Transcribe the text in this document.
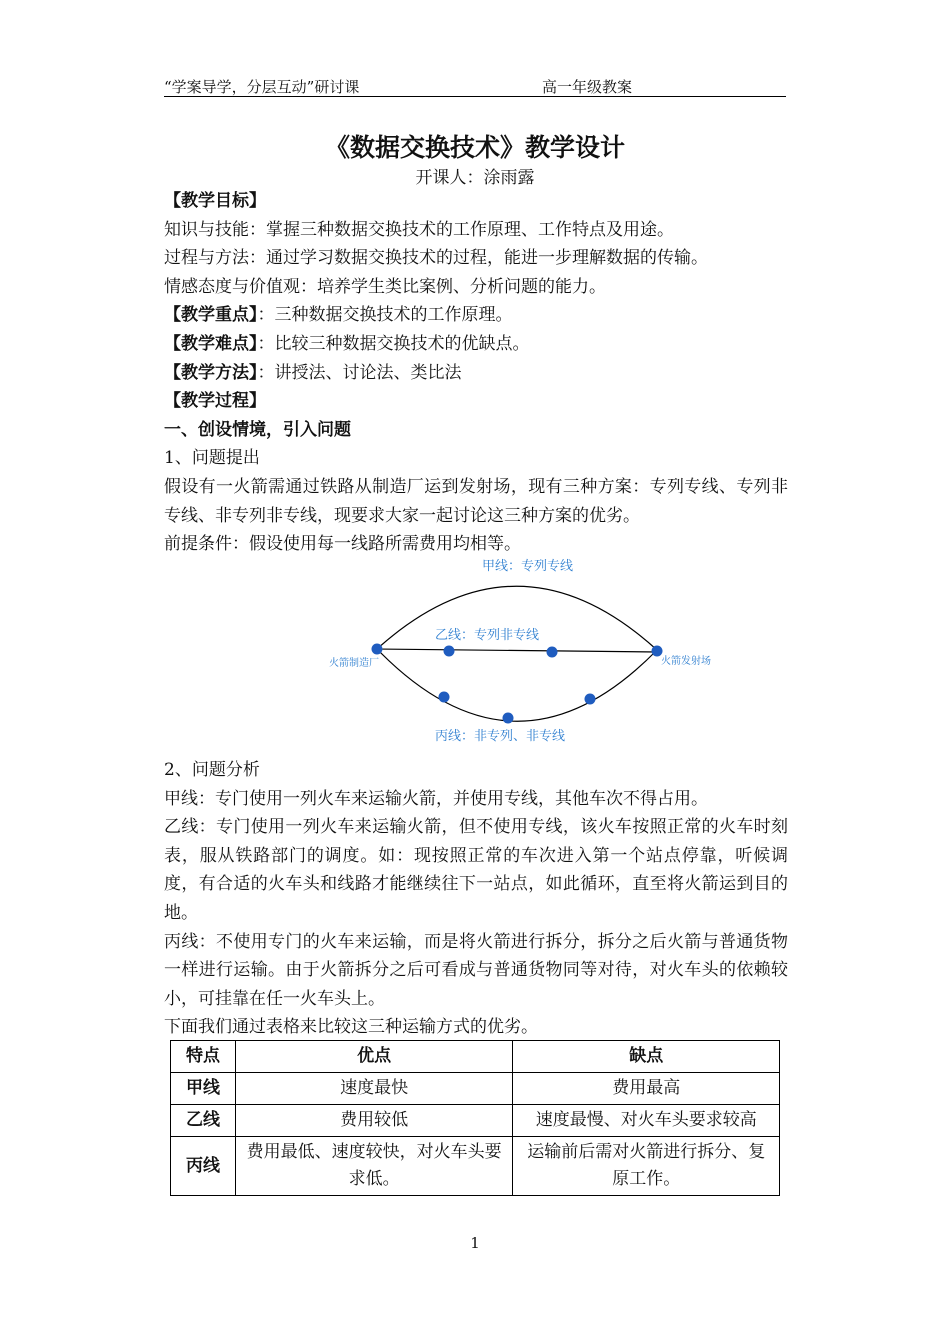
“学案导学，分层互动”研讨课	高一年级教案
《数据交换技术》教学设计
开课人：涂雨露

【教学目标】

知识与技能：掌握三种数据交换技术的工作原理、工作特点及用途。

过程与方法：通过学习数据交换技术的过程，能进一步理解数据的传输。

情感态度与价值观：培养学生类比案例、分析问题的能力。

【教学重点】：三种数据交换技术的工作原理。

【教学难点】：比较三种数据交换技术的优缺点。

【教学方法】：讲授法、讨论法、类比法

【教学过程】

一、创设情境，引入问题

1、问题提出

假设有一火箭需通过铁路从制造厂运到发射场，现有三种方案：专列专线、专列非专线、非专列非专线，现要求大家一起讨论这三种方案的优劣。

前提条件：假设使用每一线路所需费用均相等。

甲线：专列专线
乙线：专列非专线
丙线：非专列、非专线
火箭制造厂	火箭发射场

2、问题分析

甲线：专门使用一列火车来运输火箭，并使用专线，其他车次不得占用。

乙线：专门使用一列火车来运输火箭，但不使用专线，该火车按照正常的火车时刻表，服从铁路部门的调度。如：现按照正常的车次进入第一个站点停靠，听候调度，有合适的火车头和线路才能继续往下一站点，如此循环，直至将火箭运到目的地。

丙线：不使用专门的火车来运输，而是将火箭进行拆分，拆分之后火箭与普通货物一样进行运输。由于火箭拆分之后可看成与普通货物同等对待，对火车头的依赖较小，可挂靠在任一火车头上。

下面我们通过表格来比较这三种运输方式的优劣。

特点	优点	缺点
甲线	速度最快	费用最高
乙线	费用较低	速度最慢、对火车头要求较高
丙线	费用最低、速度较快，对火车头要求低。	运输前后需对火箭进行拆分、复原工作。
1
